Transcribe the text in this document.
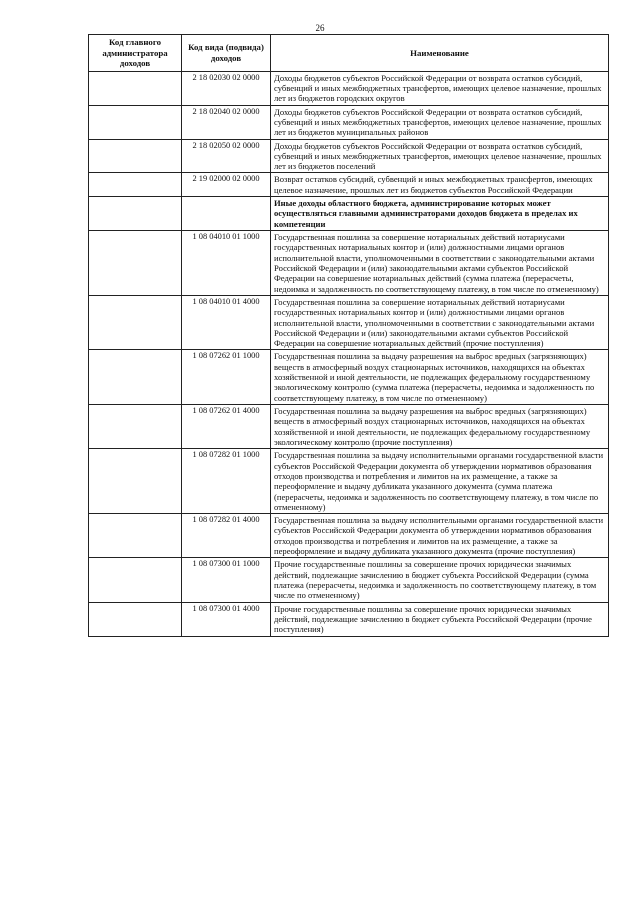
26
Код главного администратора доходов	Код вида (подвида) доходов	Наименование
	2 18 02030 02 0000	Доходы бюджетов субъектов Российской Федерации от возврата остатков субсидий, субвенций и иных межбюджетных трансфертов, имеющих целевое назначение, прошлых лет из бюджетов городских округов
	2 18 02040 02 0000	Доходы бюджетов субъектов Российской Федерации от возврата остатков субсидий, субвенций и иных межбюджетных трансфертов, имеющих целевое назначение, прошлых лет из бюджетов муниципальных районов
	2 18 02050 02 0000	Доходы бюджетов субъектов Российской Федерации от возврата остатков субсидий, субвенций и иных межбюджетных трансфертов, имеющих целевое назначение, прошлых лет из бюджетов поселений
	2 19 02000 02 0000	Возврат остатков субсидий, субвенций и иных межбюджетных трансфертов, имеющих целевое назначение, прошлых лет из бюджетов субъектов Российской Федерации
		Иные доходы областного бюджета, администрирование которых может осуществляться главными администраторами доходов бюджета в пределах их компетенции
	1 08 04010 01 1000	Государственная пошлина за совершение нотариальных действий нотариусами государственных нотариальных контор и (или) должностными лицами органов исполнительной власти, уполномоченными в соответствии с законодательными актами Российской Федерации и (или) законодательными актами субъектов Российской Федерации на совершение нотариальных действий (сумма платежа (перерасчеты, недоимка и задолженность по соответствующему платежу, в том числе по отмененному)
	1 08 04010 01 4000	Государственная пошлина за совершение нотариальных действий нотариусами государственных нотариальных контор и (или) должностными лицами органов исполнительной власти, уполномоченными в соответствии с законодательными актами Российской Федерации и (или) законодательными актами субъектов Российской Федерации на совершение нотариальных действий (прочие поступления)
	1 08 07262 01 1000	Государственная пошлина за выдачу разрешения на выброс вредных (загрязняющих) веществ в атмосферный воздух стационарных источников, находящихся на объектах хозяйственной и иной деятельности, не подлежащих федеральному государственному экологическому контролю (сумма платежа (перерасчеты, недоимка и задолженность по соответствующему платежу, в том числе по отмененному)
	1 08 07262 01 4000	Государственная пошлина за выдачу разрешения на выброс вредных (загрязняющих) веществ в атмосферный воздух стационарных источников, находящихся на объектах хозяйственной и иной деятельности, не подлежащих федеральному государственному экологическому контролю (прочие поступления)
	1 08 07282 01 1000	Государственная пошлина за выдачу исполнительными органами государственной власти субъектов Российской Федерации документа об утверждении нормативов образования отходов производства и потребления и лимитов на их размещение, а также за переоформление и выдачу дубликата указанного документа (сумма платежа (перерасчеты, недоимка и задолженность по соответствующему платежу, в том числе по отмененному)
	1 08 07282 01 4000	Государственная пошлина за выдачу исполнительными органами государственной власти субъектов Российской Федерации документа об утверждении нормативов образования отходов производства и потребления и лимитов на их размещение, а также за переоформление и выдачу дубликата указанного документа (прочие поступления)
	1 08 07300 01 1000	Прочие государственные пошлины за совершение прочих юридически значимых действий, подлежащие зачислению в бюджет субъекта Российской Федерации (сумма платежа (перерасчеты, недоимка и задолженность по соответствующему платежу, в том числе по отмененному)
	1 08 07300 01 4000	Прочие государственные пошлины за совершение прочих юридически значимых действий, подлежащие зачислению в бюджет субъекта Российской Федерации (прочие поступления)
